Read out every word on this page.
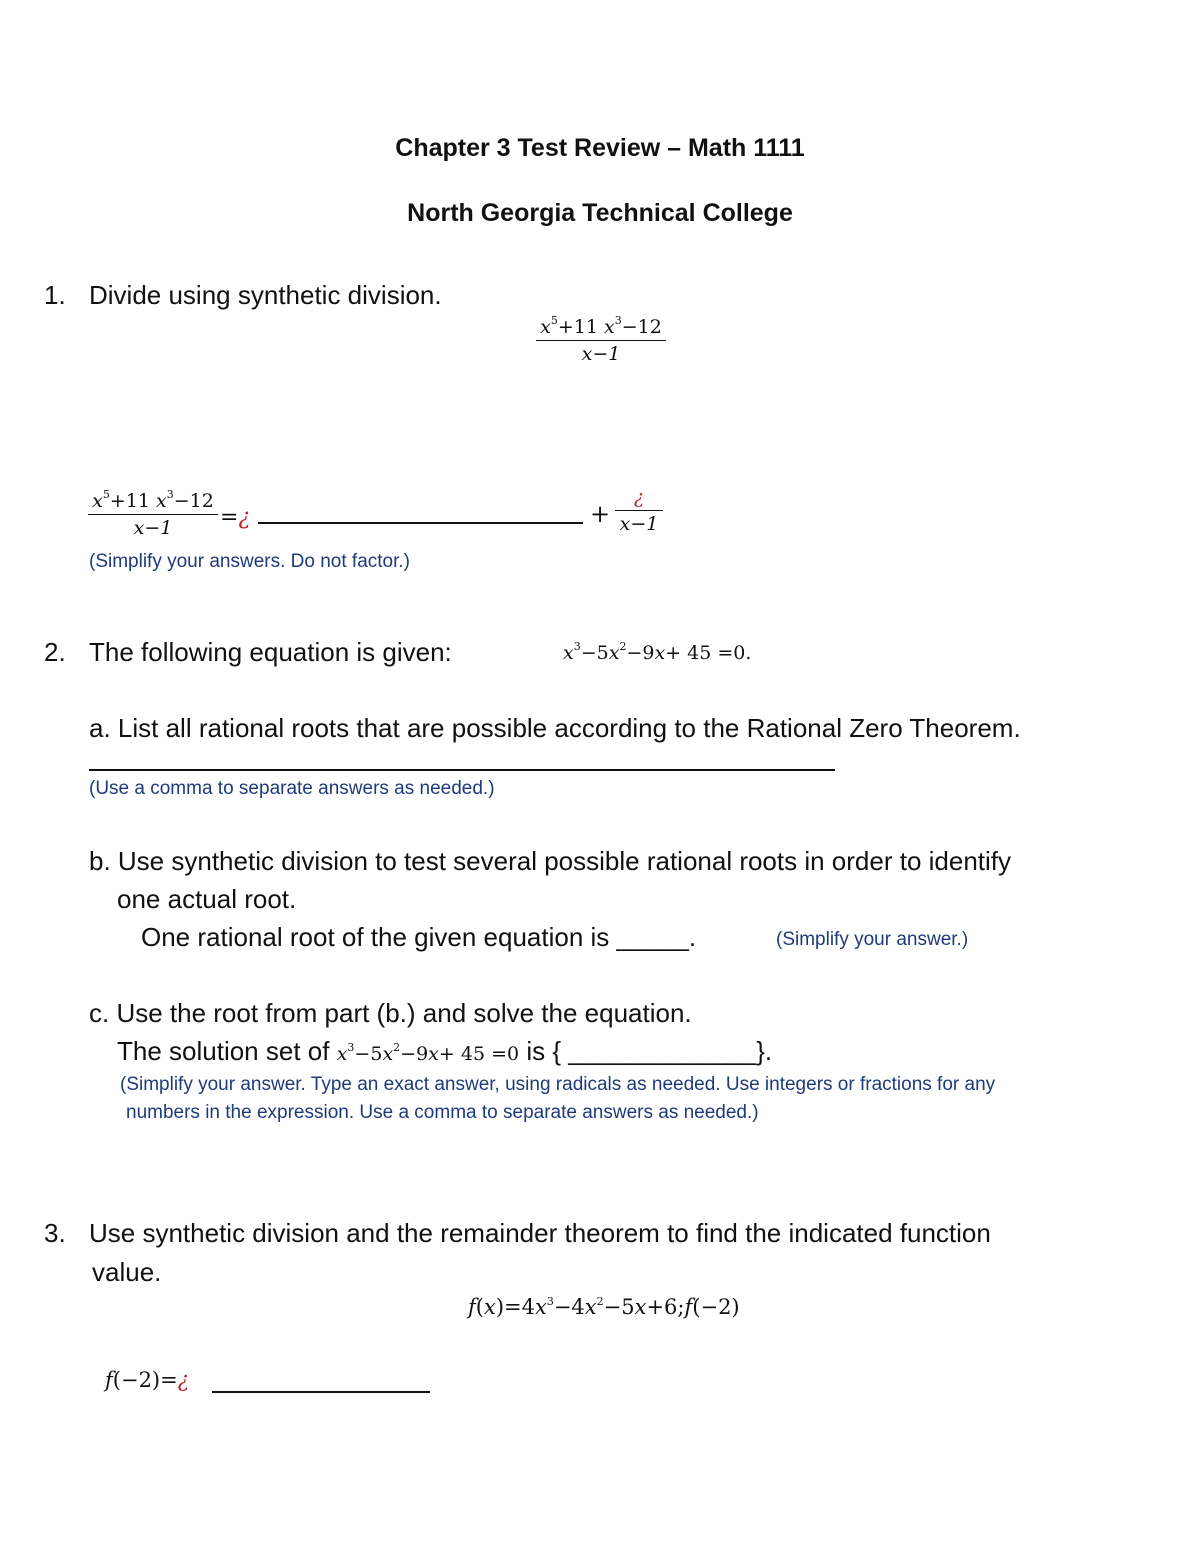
Chapter 3 Test Review – Math 1111
North Georgia Technical College
1. Divide using synthetic division.
$x^5+11$ $x^3-12$
x−1
$x^5+11$ $x^3-12$
x−1	=¿	+
¿
x−1
(Simplify your answers. Do not factor.)
2. The following equation is given:	$x^3-5x^2-9x+ 45 =0$.
a. List all rational roots that are possible according to the Rational Zero Theorem.
(Use a comma to separate answers as needed.)
b. Use synthetic division to test several possible rational roots in order to identify
one actual root.
One rational root of the given equation is _____.	(Simplify your answer.)
c. Use the root from part (b.) and solve the equation.
The solution set of $x^3-5x^2-9x+ 45 =0$ is { _____________}.
(Simplify your answer. Type an exact answer, using radicals as needed. Use integers or fractions for any
numbers in the expression. Use a comma to separate answers as needed.)
3. Use synthetic division and the remainder theorem to find the indicated function
value.
$f(x)=4x^3-4x^2-5x+6;f(-2)$
f(−2)=¿
